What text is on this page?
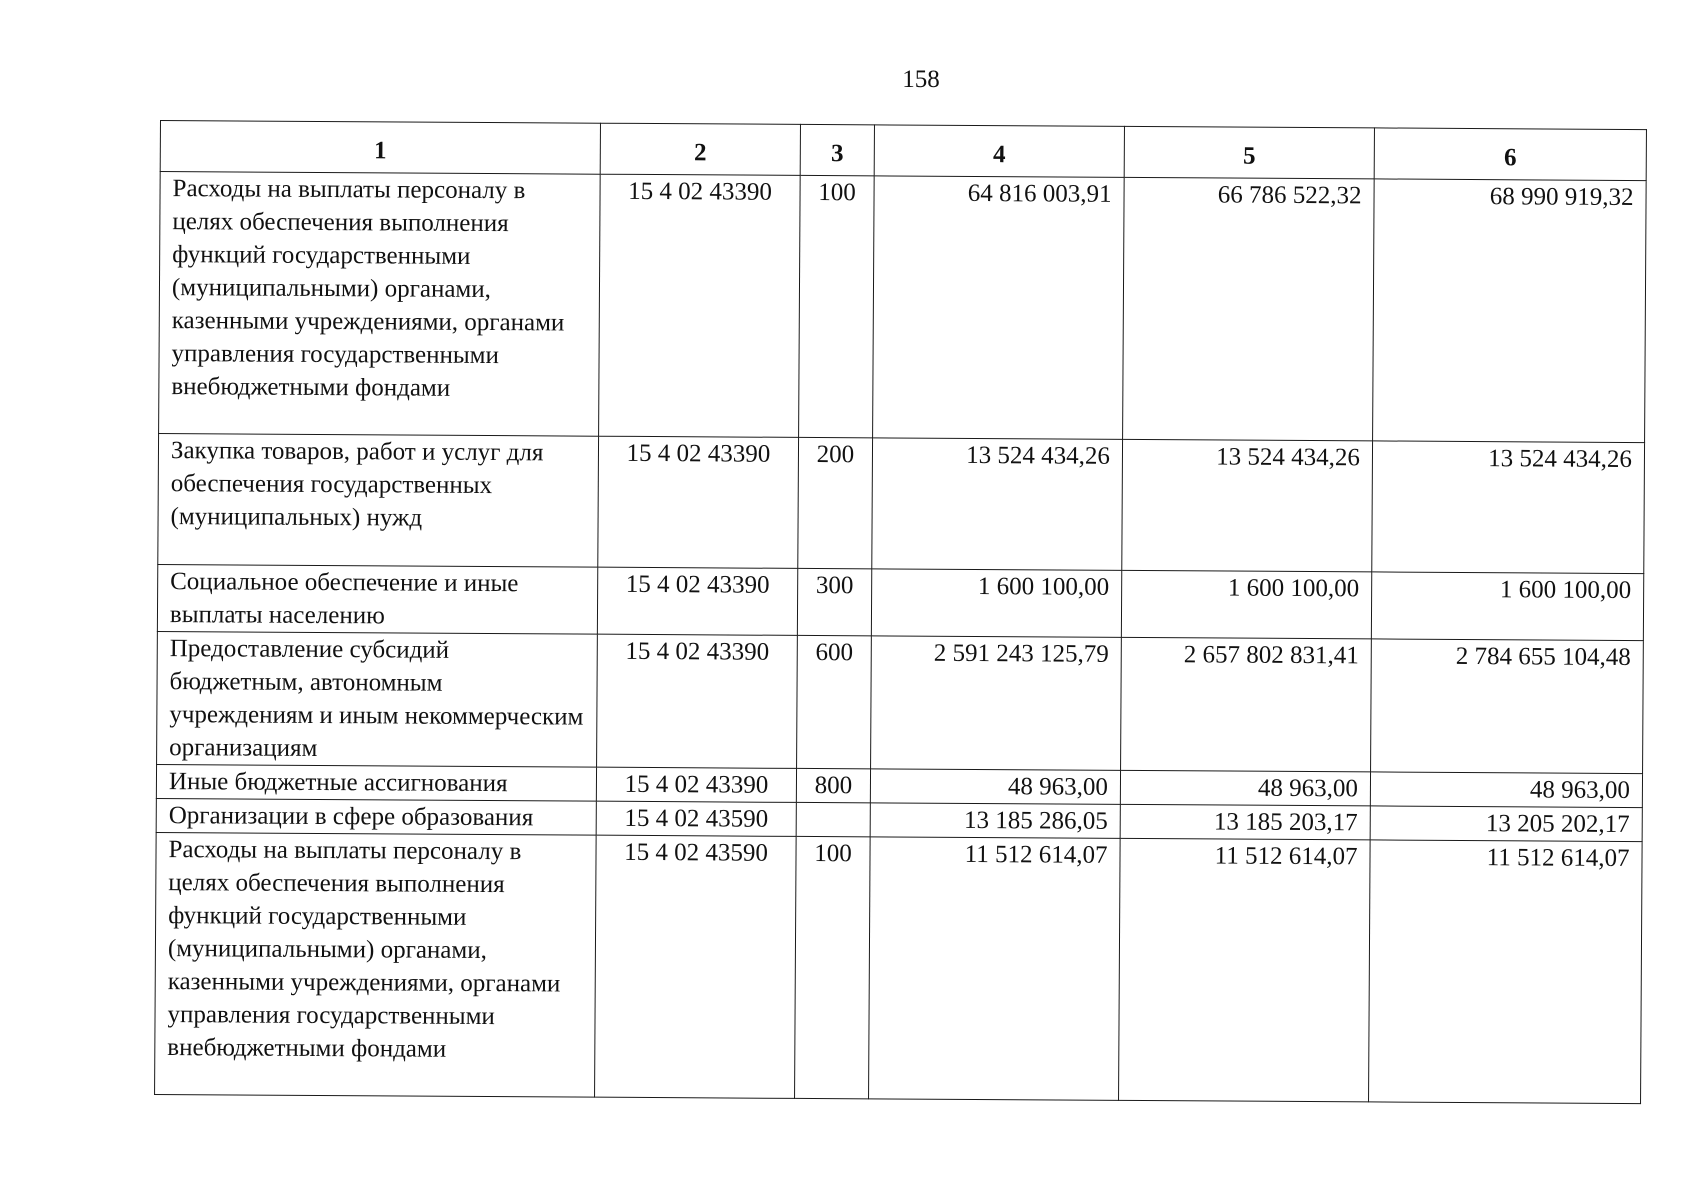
158
1	2	3	4	5	6
Расходы на выплаты персоналу в целях обеспечения выполнения функций государственными (муниципальными) органами, казенными учреждениями, органами управления государственными внебюджетными фондами	15 4 02 43390	100	64 816 003,91	66 786 522,32	68 990 919,32
Закупка товаров, работ и услуг для обеспечения государственных (муниципальных) нужд	15 4 02 43390	200	13 524 434,26	13 524 434,26	13 524 434,26
Социальное обеспечение и иные выплаты населению	15 4 02 43390	300	1 600 100,00	1 600 100,00	1 600 100,00
Предоставление субсидий бюджетным, автономным учреждениям и иным некоммерческим организациям	15 4 02 43390	600	2 591 243 125,79	2 657 802 831,41	2 784 655 104,48
Иные бюджетные ассигнования	15 4 02 43390	800	48 963,00	48 963,00	48 963,00
Организации в сфере образования	15 4 02 43590		13 185 286,05	13 185 203,17	13 205 202,17
Расходы на выплаты персоналу в целях обеспечения выполнения функций государственными (муниципальными) органами, казенными учреждениями, органами управления государственными внебюджетными фондами	15 4 02 43590	100	11 512 614,07	11 512 614,07	11 512 614,07
